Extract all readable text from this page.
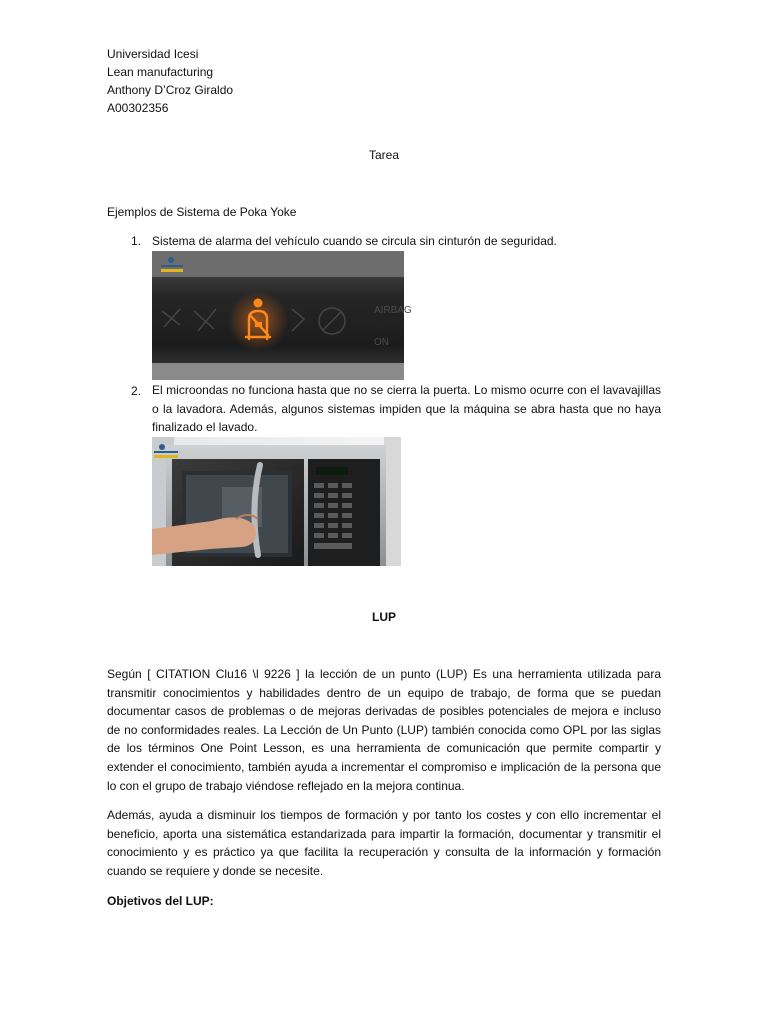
Universidad Icesi
Lean manufacturing
Anthony D’Croz Giraldo
A00302356
Tarea
Ejemplos de Sistema de Poka Yoke
1. Sistema de alarma del vehículo cuando se circula sin cinturón de seguridad.

AIRBAG
ON
2. El microondas no funciona hasta que no se cierra la puerta. Lo mismo ocurre con el lavavajillas o la lavadora. Además, algunos sistemas impiden que la máquina se abra hasta que no haya finalizado el lavado.

LUP

Según [ CITATION Clu16 \l 9226 ] la lección de un punto (LUP) Es una herramienta utilizada para transmitir conocimientos y habilidades dentro de un equipo de trabajo, de forma que se puedan documentar casos de problemas o de mejoras derivadas de posibles potenciales de mejora e incluso de no conformidades reales. La Lección de Un Punto (LUP) también conocida como OPL por las siglas de los términos One Point Lesson, es una herramienta de comunicación que permite compartir y extender el conocimiento, también ayuda a incrementar el compromiso e implicación de la persona que lo con el grupo de trabajo viéndose reflejado en la mejora continua.

Además, ayuda a disminuir los tiempos de formación y por tanto los costes y con ello incrementar el beneficio, aporta una sistemática estandarizada para impartir la formación, documentar y transmitir el conocimiento y es práctico ya que facilita la recuperación y consulta de la información y formación cuando se requiere y donde se necesite.

Objetivos del LUP:
